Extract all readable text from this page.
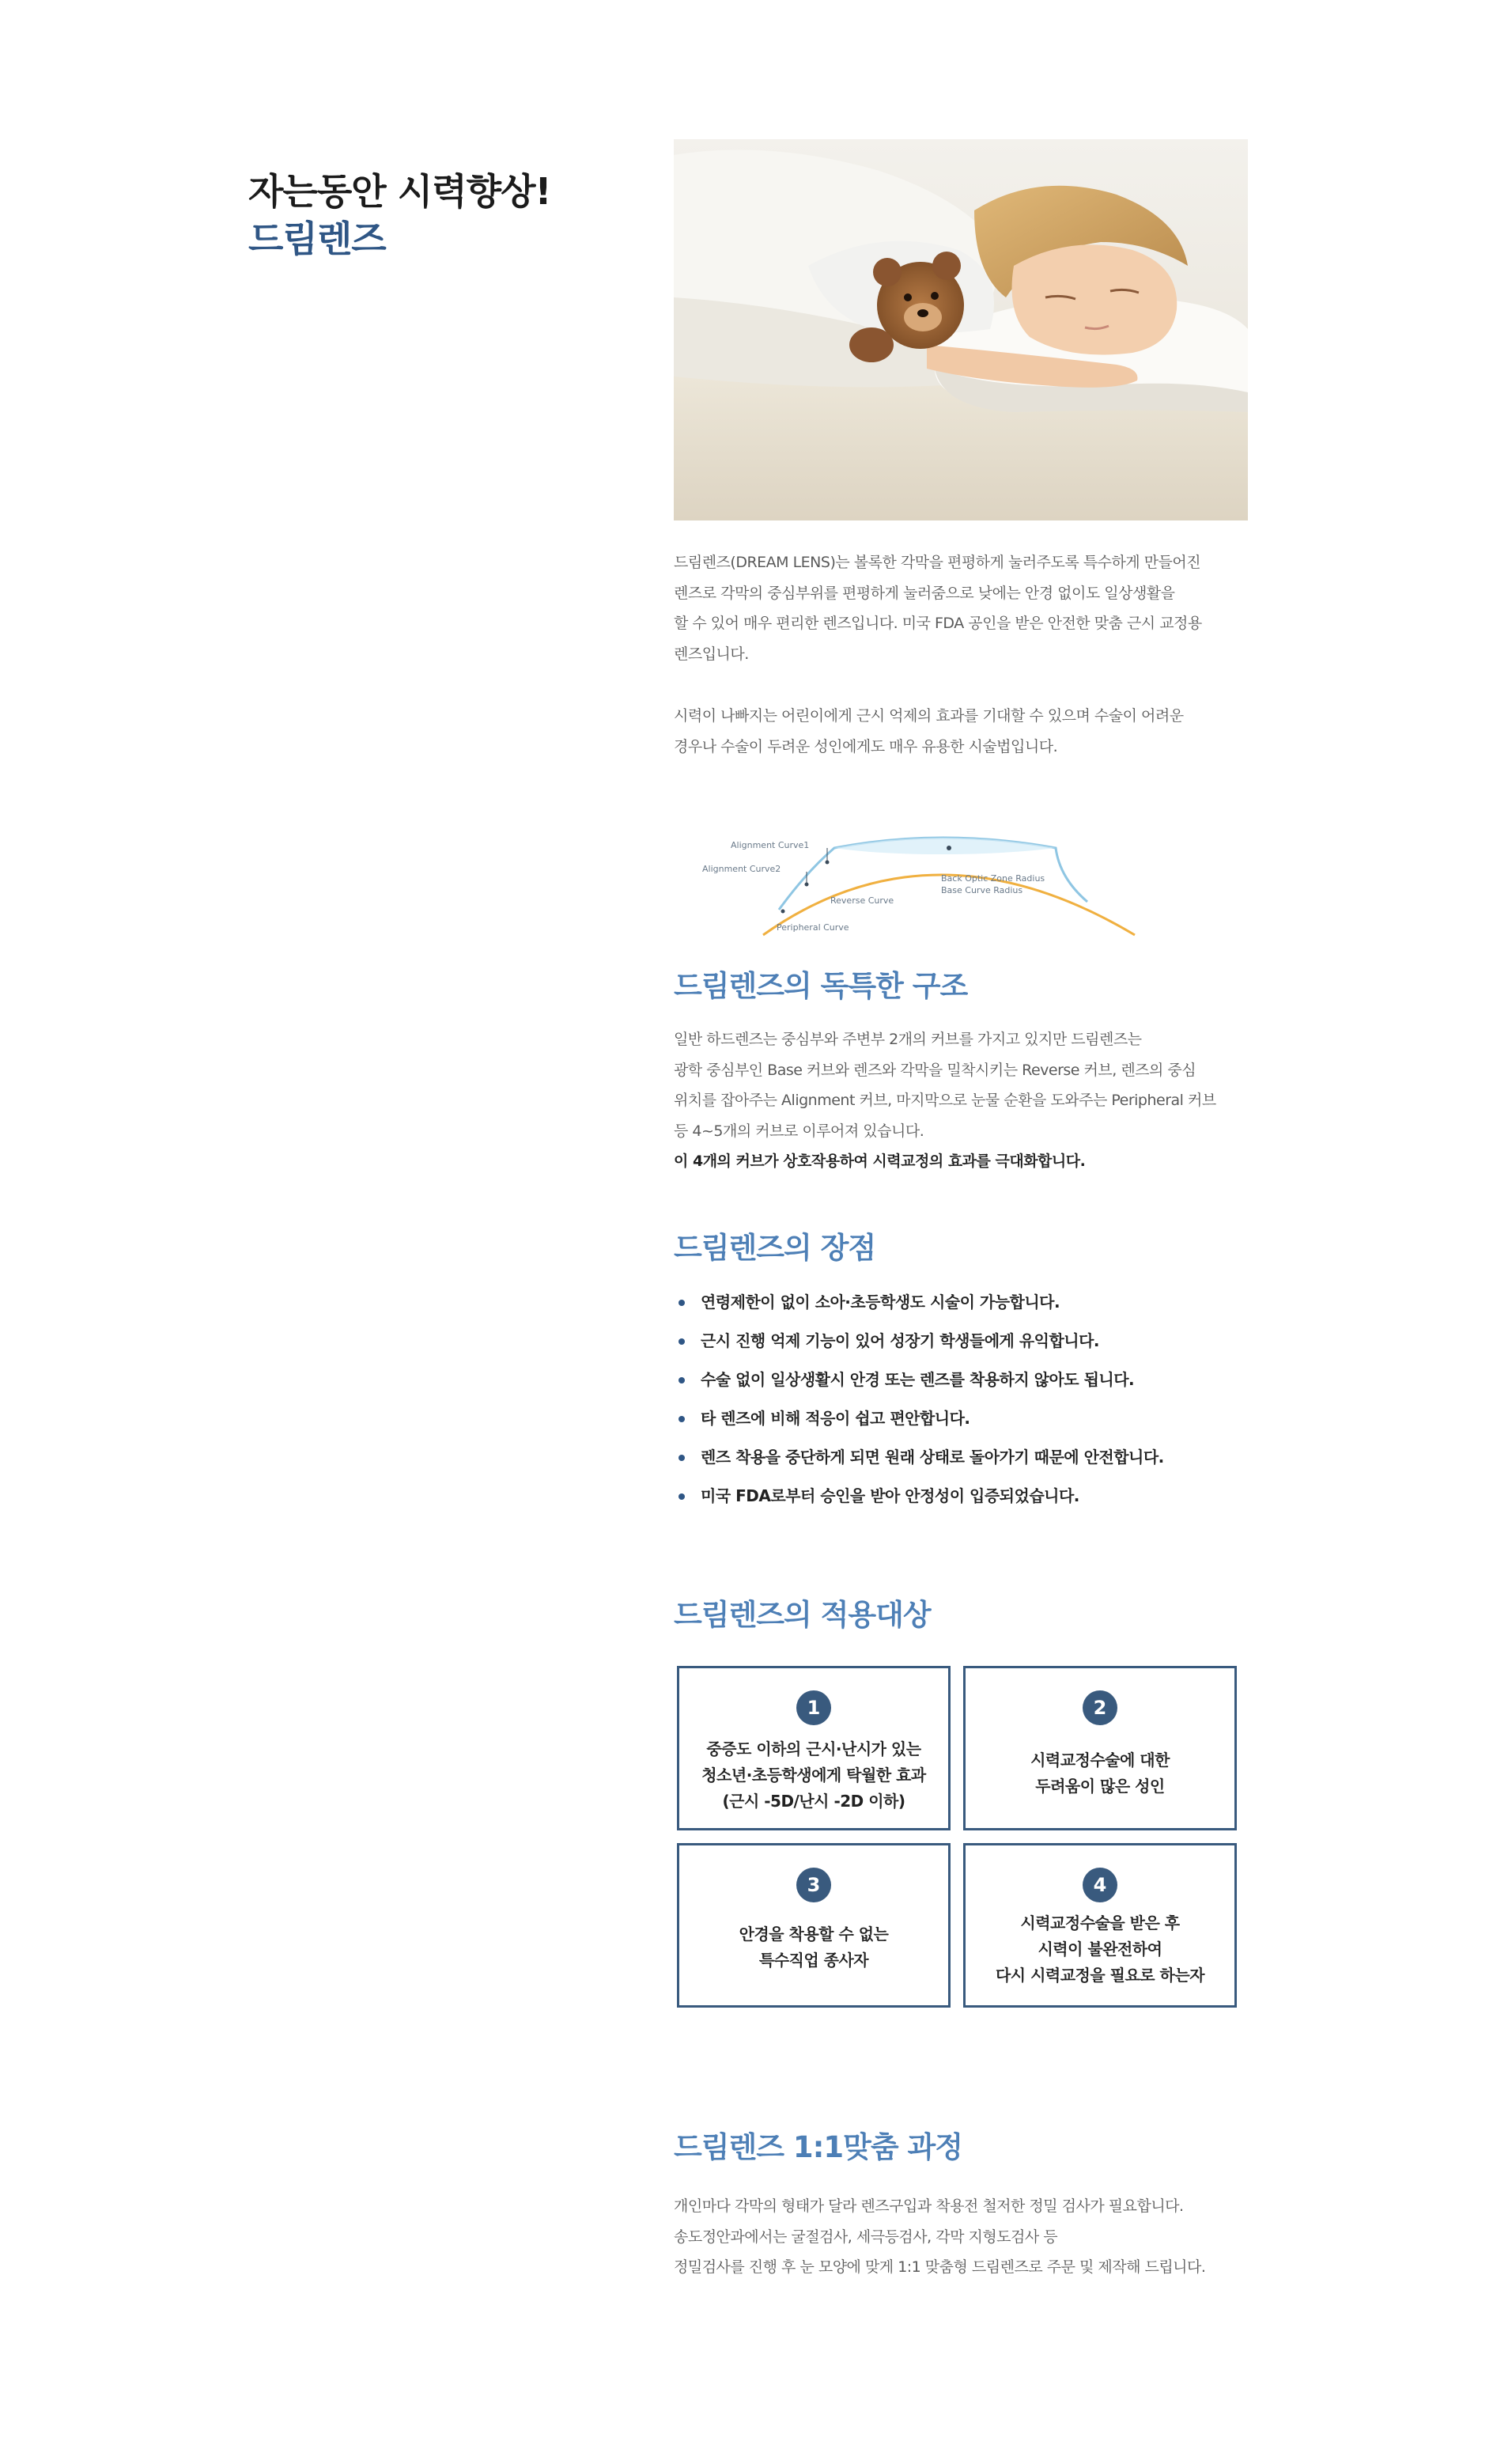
자는동안 시력향상!
드림렌즈
드림렌즈(DREAM LENS)는 볼록한 각막을 편평하게 눌러주도록 특수하게 만들어진
렌즈로 각막의 중심부위를 편평하게 눌러줌으로 낮에는 안경 없이도 일상생활을
할 수 있어 매우 편리한 렌즈입니다. 미국 FDA 공인을 받은 안전한 맞춤 근시 교정용
렌즈입니다.
시력이 나빠지는 어린이에게 근시 억제의 효과를 기대할 수 있으며 수술이 어려운
경우나 수술이 두려운 성인에게도 매우 유용한 시술법입니다.
Alignment Curve1
Alignment Curve2
Reverse Curve
Peripheral Curve
Back Optic Zone Radius
Base Curve Radius
드림렌즈의 독특한 구조
일반 하드렌즈는 중심부와 주변부 2개의 커브를 가지고 있지만 드림렌즈는
광학 중심부인 Base 커브와 렌즈와 각막을 밀착시키는 Reverse 커브, 렌즈의 중심
위치를 잡아주는 Alignment 커브, 마지막으로 눈물 순환을 도와주는 Peripheral 커브
등 4~5개의 커브로 이루어져 있습니다.
이 4개의 커브가 상호작용하여 시력교정의 효과를 극대화합니다.
드림렌즈의 장점
연령제한이 없이 소아·초등학생도 시술이 가능합니다.
근시 진행 억제 기능이 있어 성장기 학생들에게 유익합니다.
수술 없이 일상생활시 안경 또는 렌즈를 착용하지 않아도 됩니다.
타 렌즈에 비해 적응이 쉽고 편안합니다.
렌즈 착용을 중단하게 되면 원래 상태로 돌아가기 때문에 안전합니다.
미국 FDA로부터 승인을 받아 안정성이 입증되었습니다.
드림렌즈의 적용대상
1
중증도 이하의 근시·난시가 있는
청소년·초등학생에게 탁월한 효과
(근시 -5D/난시 -2D 이하)
2
시력교정수술에 대한
두려움이 많은 성인
3
안경을 착용할 수 없는
특수직업 종사자
4
시력교정수술을 받은 후
시력이 불완전하여
다시 시력교정을 필요로 하는자
드림렌즈 1:1맞춤 과정
개인마다 각막의 형태가 달라 렌즈구입과 착용전 철저한 정밀 검사가 필요합니다.
송도정안과에서는 굴절검사, 세극등검사, 각막 지형도검사 등
정밀검사를 진행 후 눈 모양에 맞게 1:1 맞춤형 드림렌즈로 주문 및 제작해 드립니다.
